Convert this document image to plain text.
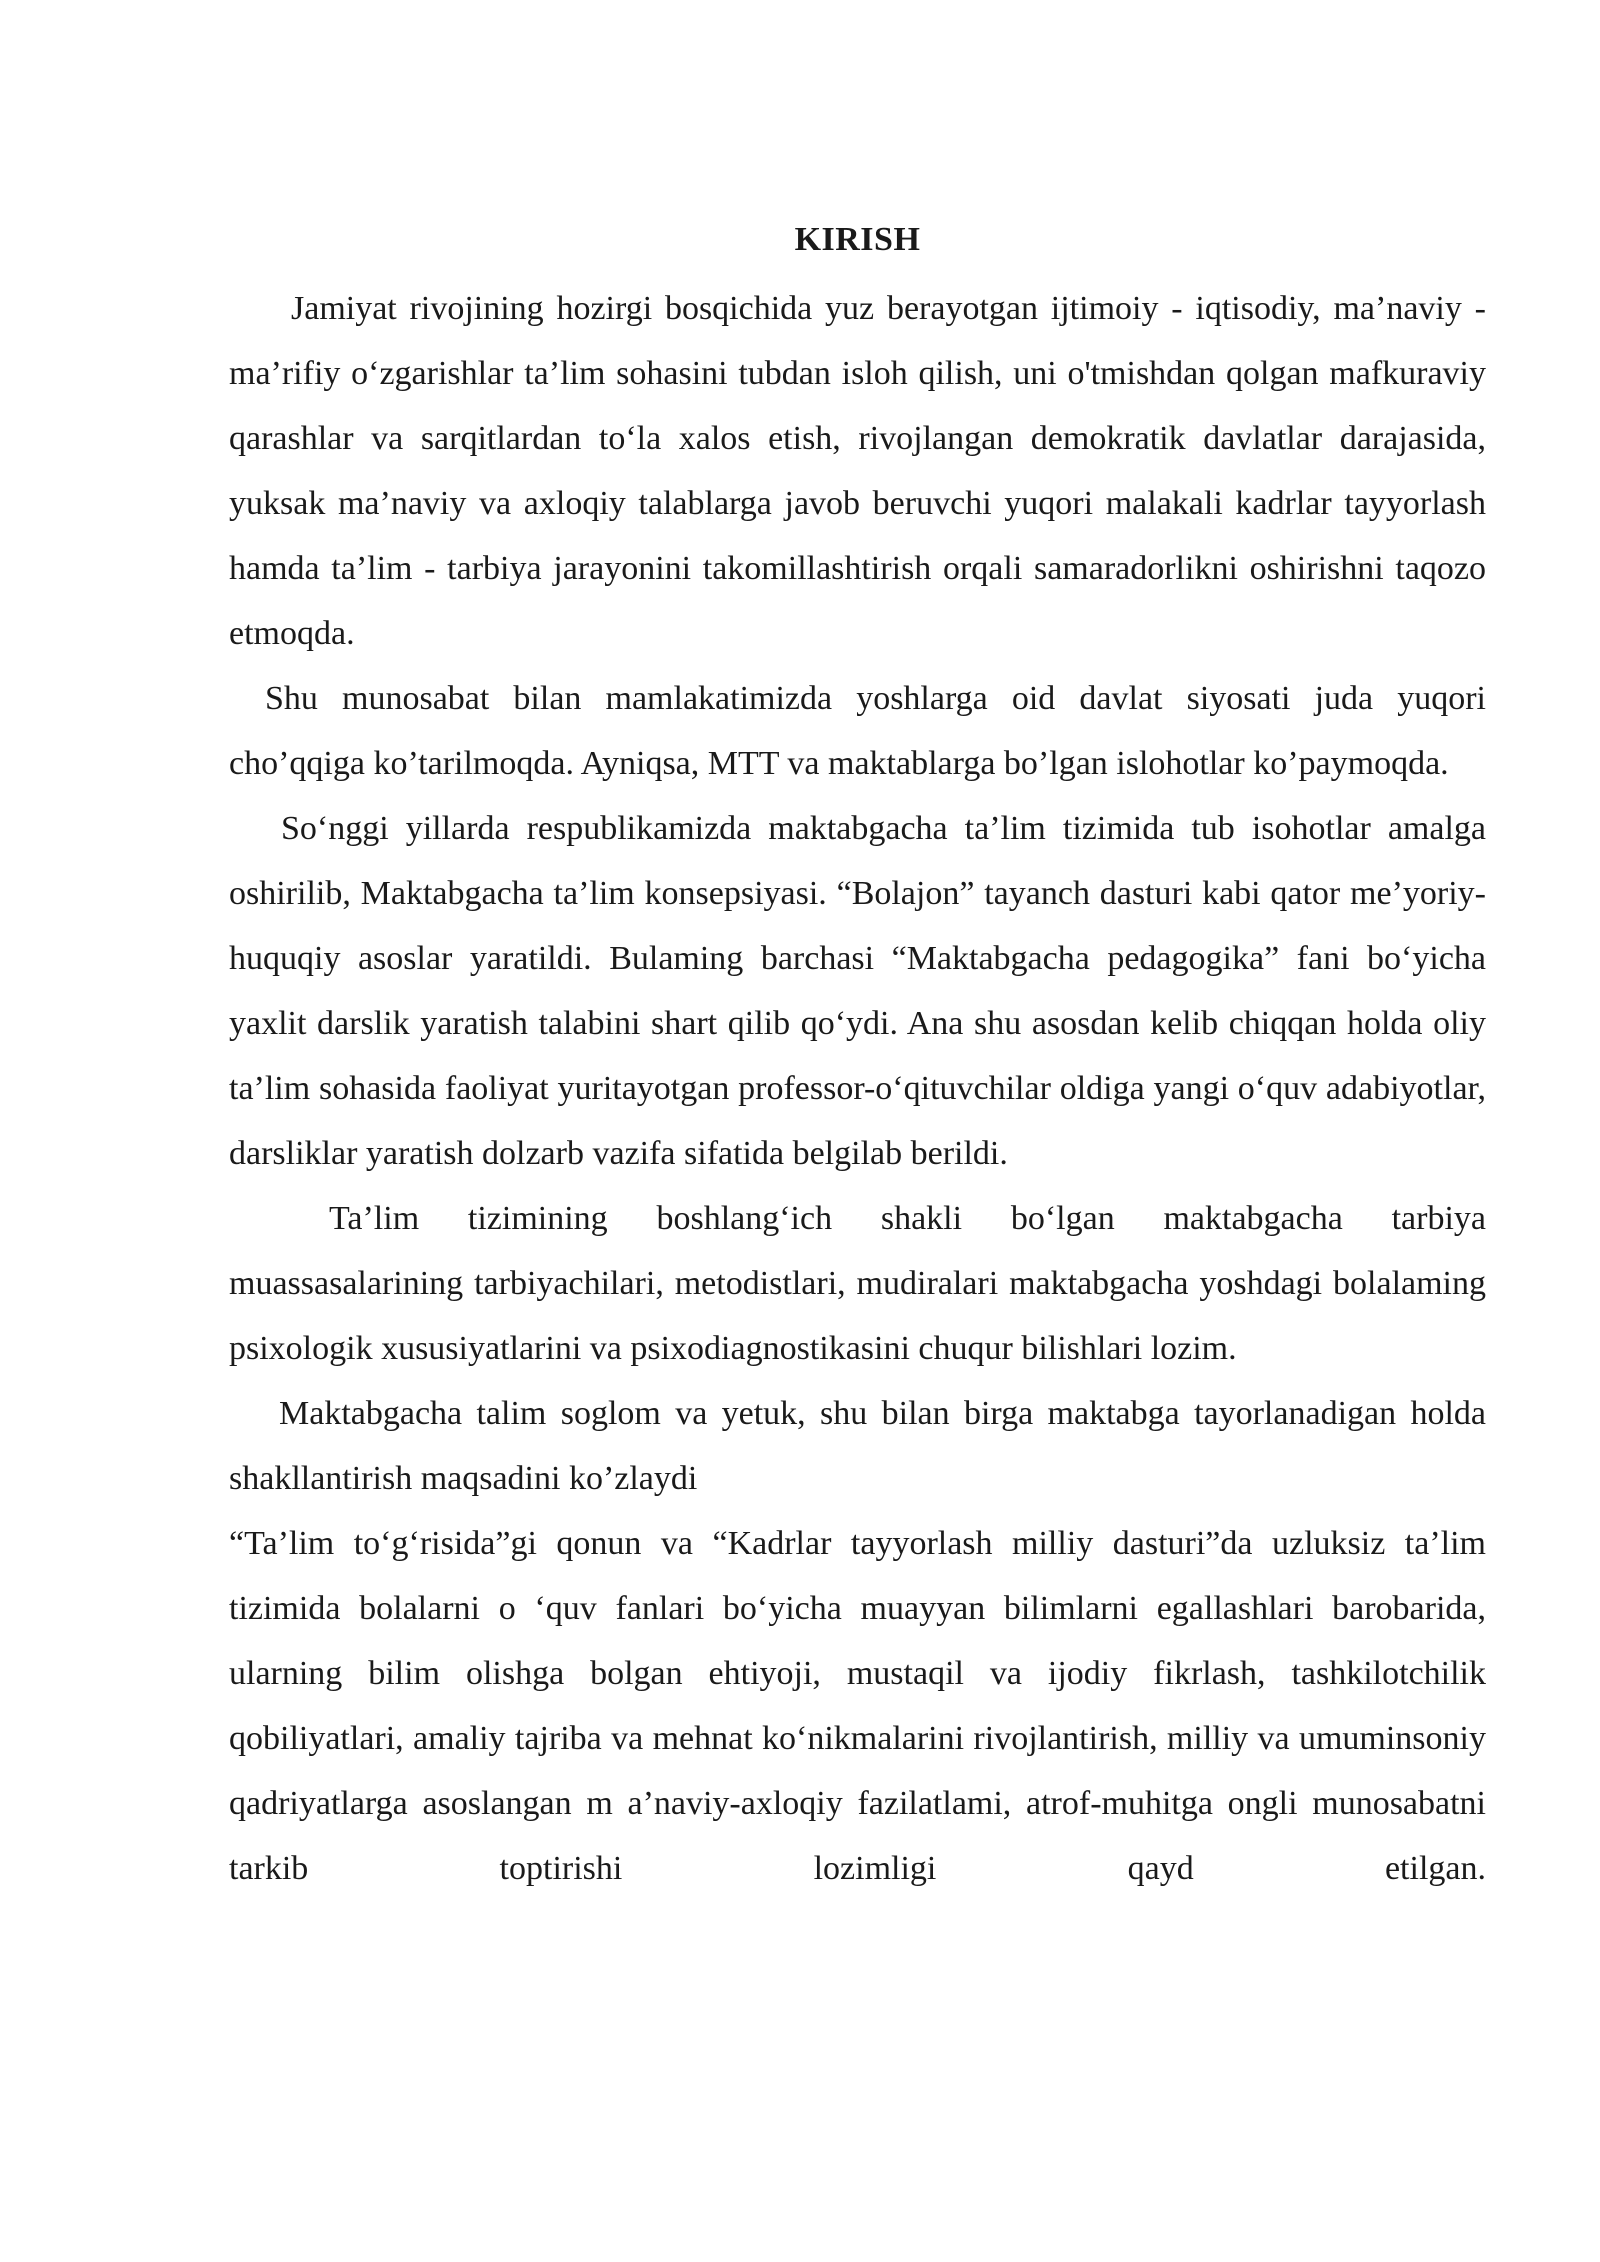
KIRISH

Jamiyat rivojining hozirgi bosqichida yuz berayotgan ijtimoiy - iqtisodiy, ma’naviy - ma’rifiy o‘zgarishlar ta’lim sohasini tubdan isloh qilish, uni o'tmishdan qolgan mafkuraviy qarashlar va sarqitlardan to‘la xalos etish, rivojlangan demokratik davlatlar darajasida, yuksak ma’naviy va axloqiy talablarga javob beruvchi yuqori malakali kadrlar tayyorlash hamda ta’lim - tarbiya jarayonini takomillashtirish orqali samaradorlikni oshirishni taqozo etmoqda.

Shu munosabat bilan mamlakatimizda yoshlarga oid davlat siyosati juda yuqori cho’qqiga ko’tarilmoqda. Ayniqsa, MTT va maktablarga bo’lgan islohotlar ko’paymoqda.

So‘nggi yillarda respublikamizda maktabgacha ta’lim tizimida tub isohotlar amalga oshirilib, Maktabgacha ta’lim konsepsiyasi. “Bolajon” tayanch dasturi kabi qator me’yoriy-huquqiy asoslar yaratildi. Bulaming barchasi “Maktabgacha pedagogika” fani bo‘yicha yaxlit darslik yaratish talabini shart qilib qo‘ydi. Ana shu asosdan kelib chiqqan holda oliy ta’lim sohasida faoliyat yuritayotgan professor-o‘qituvchilar oldiga yangi o‘quv adabiyotlar, darsliklar yaratish dolzarb vazifa sifatida belgilab berildi.

Ta’lim tizimining boshlang‘ich shakli bo‘lgan maktabgacha tarbiya muassasalarining tarbiyachilari, metodistlari, mudiralari maktabgacha yoshdagi bolalaming psixologik xususiyatlarini va psixodiagnostikasini chuqur bilishlari lozim.

Maktabgacha talim soglom va yetuk, shu bilan birga maktabga tayorlanadigan holda shakllantirish maqsadini ko’zlaydi

“Ta’lim to‘g‘risida”gi qonun va “Kadrlar tayyorlash milliy dasturi”da uzluksiz ta’lim tizimida bolalarni o ‘quv fanlari bo‘yicha muayyan bilimlarni egallashlari barobarida, ularning bilim olishga bolgan ehtiyoji, mustaqil va ijodiy fikrlash, tashkilotchilik qobiliyatlari, amaliy tajriba va mehnat ko‘nikmalarini rivojlantirish, milliy va umuminsoniy qadriyatlarga asoslangan m a’naviy-axloqiy fazilatlami, atrof-muhitga ongli munosabatni tarkib toptirishi lozimligi qayd etilgan.
